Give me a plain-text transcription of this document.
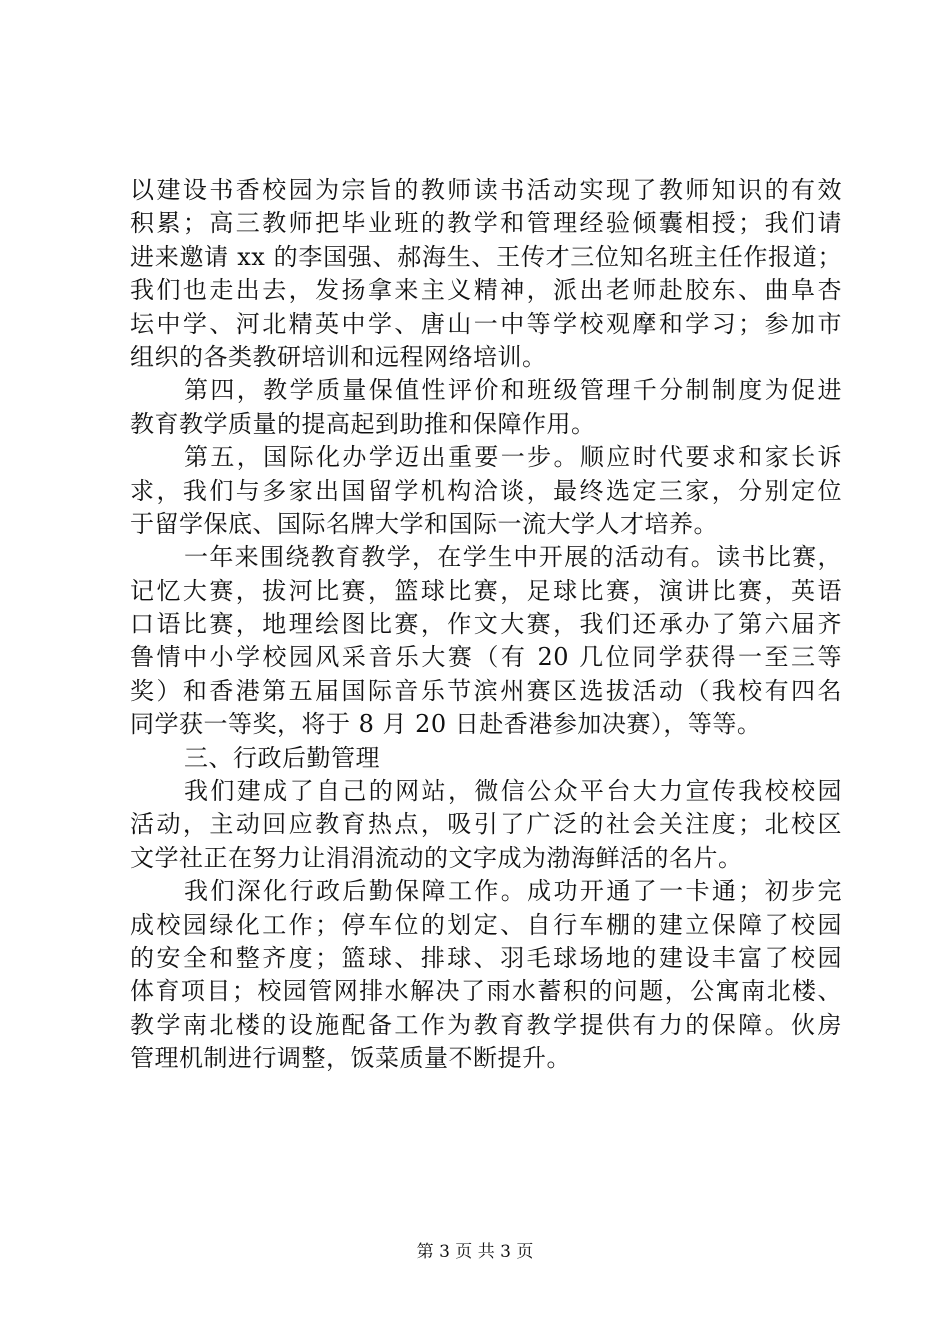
以建设书香校园为宗旨的教师读书活动实现了教师知识的有效
积累；高三教师把毕业班的教学和管理经验倾囊相授；我们请
进来邀请 xx 的李国强、郝海生、王传才三位知名班主任作报道；
我们也走出去，发扬拿来主义精神，派出老师赴胶东、曲阜杏
坛中学、河北精英中学、唐山一中等学校观摩和学习；参加市
组织的各类教研培训和远程网络培训。
第四，教学质量保值性评价和班级管理千分制制度为促进
教育教学质量的提高起到助推和保障作用。
第五，国际化办学迈出重要一步。顺应时代要求和家长诉
求，我们与多家出国留学机构洽谈，最终选定三家，分别定位
于留学保底、国际名牌大学和国际一流大学人才培养。
一年来围绕教育教学，在学生中开展的活动有。读书比赛，
记忆大赛，拔河比赛，篮球比赛，足球比赛，演讲比赛，英语
口语比赛，地理绘图比赛，作文大赛，我们还承办了第六届齐
鲁情中小学校园风采音乐大赛（有 20 几位同学获得一至三等
奖）和香港第五届国际音乐节滨州赛区选拔活动（我校有四名
同学获一等奖，将于 8 月 20 日赴香港参加决赛），等等。
三、行政后勤管理
我们建成了自己的网站，微信公众平台大力宣传我校校园
活动，主动回应教育热点，吸引了广泛的社会关注度；北校区
文学社正在努力让涓涓流动的文字成为渤海鲜活的名片。
我们深化行政后勤保障工作。成功开通了一卡通；初步完
成校园绿化工作；停车位的划定、自行车棚的建立保障了校园
的安全和整齐度；篮球、排球、羽毛球场地的建设丰富了校园
体育项目；校园管网排水解决了雨水蓄积的问题，公寓南北楼、
教学南北楼的设施配备工作为教育教学提供有力的保障。伙房
管理机制进行调整，饭菜质量不断提升。
第 3 页 共 3 页
